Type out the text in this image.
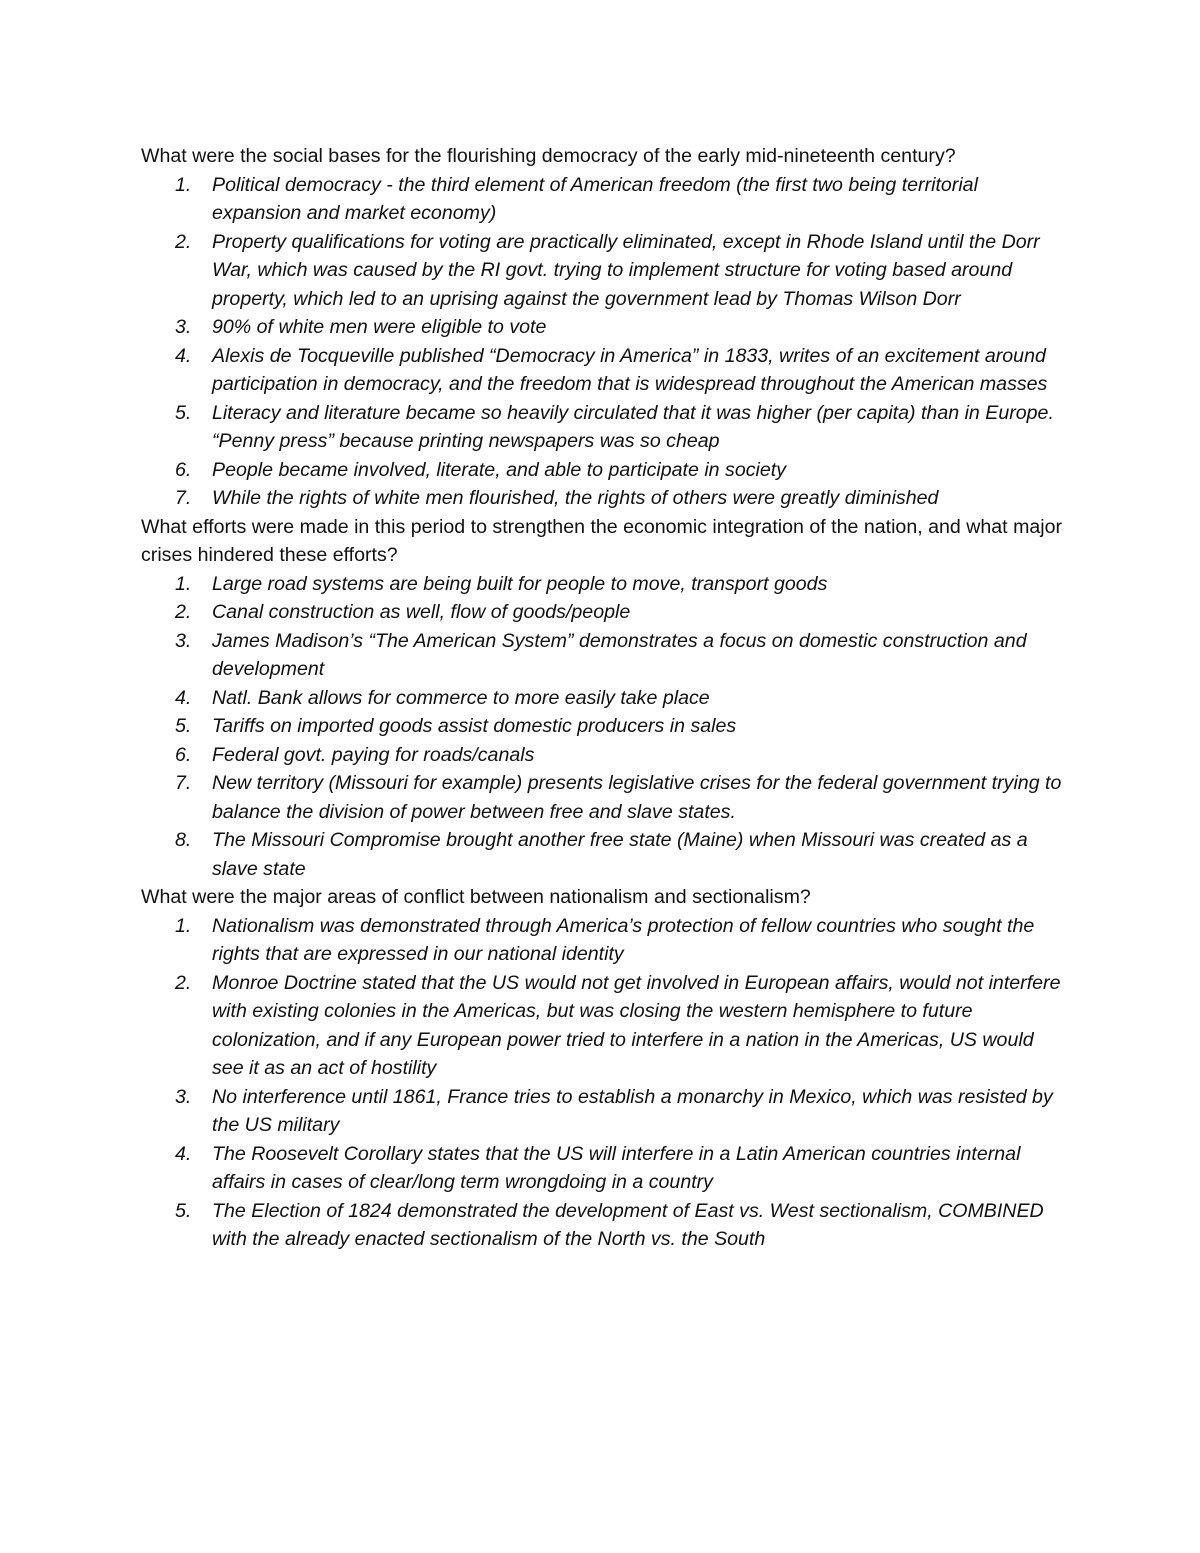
What were the social bases for the flourishing democracy of the early mid-nineteenth century?

1.	Political democracy - the third element of American freedom (the first two being territorial expansion and market economy)
2.	Property qualifications for voting are practically eliminated, except in Rhode Island until the Dorr War, which was caused by the RI govt. trying to implement structure for voting based around property, which led to an uprising against the government lead by Thomas Wilson Dorr
3.	90% of white men were eligible to vote
4.	Alexis de Tocqueville published “Democracy in America” in 1833, writes of an excitement around participation in democracy, and the freedom that is widespread throughout the American masses
5.	Literacy and literature became so heavily circulated that it was higher (per capita) than in Europe. “Penny press” because printing newspapers was so cheap
6.	People became involved, literate, and able to participate in society
7.	While the rights of white men flourished, the rights of others were greatly diminished

What efforts were made in this period to strengthen the economic integration of the nation, and what major crises hindered these efforts?

1.	Large road systems are being built for people to move, transport goods
2.	Canal construction as well, flow of goods/people
3.	James Madison’s “The American System” demonstrates a focus on domestic construction and development
4.	Natl. Bank allows for commerce to more easily take place
5.	Tariffs on imported goods assist domestic producers in sales
6.	Federal govt. paying for roads/canals
7.	New territory (Missouri for example) presents legislative crises for the federal government trying to balance the division of power between free and slave states.
8.	The Missouri Compromise brought another free state (Maine) when Missouri was created as a slave state

What were the major areas of conflict between nationalism and sectionalism?

1.	Nationalism was demonstrated through America’s protection of fellow countries who sought the rights that are expressed in our national identity
2.	Monroe Doctrine stated that the US would not get involved in European affairs, would not interfere with existing colonies in the Americas, but was closing the western hemisphere to future colonization, and if any European power tried to interfere in a nation in the Americas, US would see it as an act of hostility
3.	No interference until 1861, France tries to establish a monarchy in Mexico, which was resisted by the US military
4.	The Roosevelt Corollary states that the US will interfere in a Latin American countries internal affairs in cases of clear/long term wrongdoing in a country
5.	The Election of 1824 demonstrated the development of East vs. West sectionalism, COMBINED with the already enacted sectionalism of the North vs. the South
